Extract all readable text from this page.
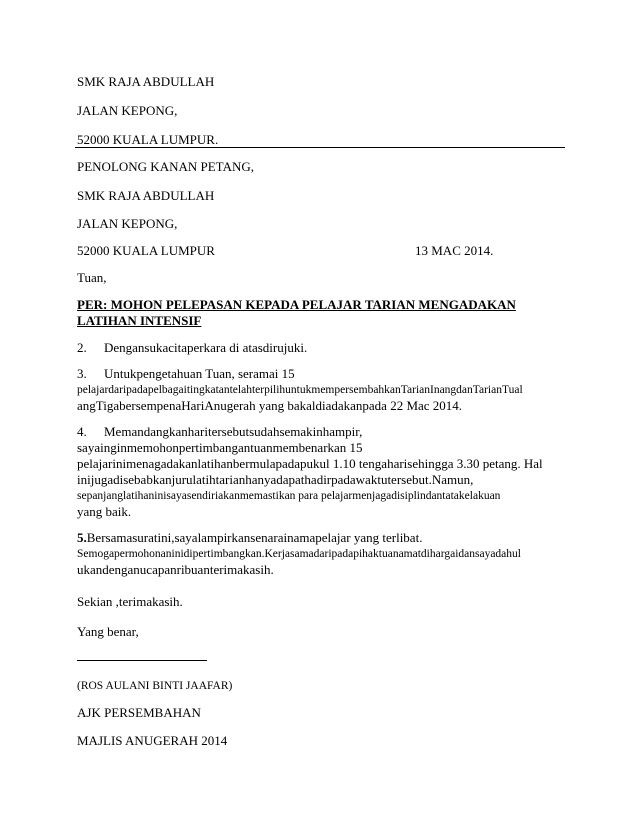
SMK RAJA ABDULLAH
JALAN KEPONG,
52000 KUALA LUMPUR.
PENOLONG KANAN PETANG,
SMK RAJA ABDULLAH
JALAN KEPONG,
52000 KUALA LUMPUR	13 MAC 2014.
Tuan,
PER: MOHON PELEPASAN KEPADA PELAJAR TARIAN MENGADAKAN
LATIHAN INTENSIF
2. Dengansukacitaperkara di atasdirujuki.
3. Untukpengetahuan Tuan, seramai 15
pelajardaripadapelbagaitingkatantelahterpilihuntukmempersembahkanTarianInangdanTarianTual
angTigabersempenaHariAnugerah yang bakaldiadakanpada 22 Mac 2014.
4. Memandangkanharitersebutsudahsemakinhampir,
sayainginmemohonpertimbangantuanmembenarkan 15
pelajarinimenagadakanlatihanbermulapadapukul 1.10 tengaharisehingga 3.30 petang. Hal
inijugadisebabkanjurulatihtarianhanyadapathadirpadawaktutersebut.Namun,
sepanjanglatihaninisayasendiriakanmemastikan para pelajarmenjagadisiplindantatakelakuan
yang baik.
5.Bersamasuratini,sayalampirkansenarainamapelajar yang terlibat.
Semogapermohonaninidipertimbangkan.Kerjasamadaripadapihaktuanamatdihargaidansayadahul
ukandenganucapanribuanterimakasih.
Sekian ,terimakasih.
Yang benar,
(ROS AULANI BINTI JAAFAR)
AJK PERSEMBAHAN
MAJLIS ANUGERAH 2014
